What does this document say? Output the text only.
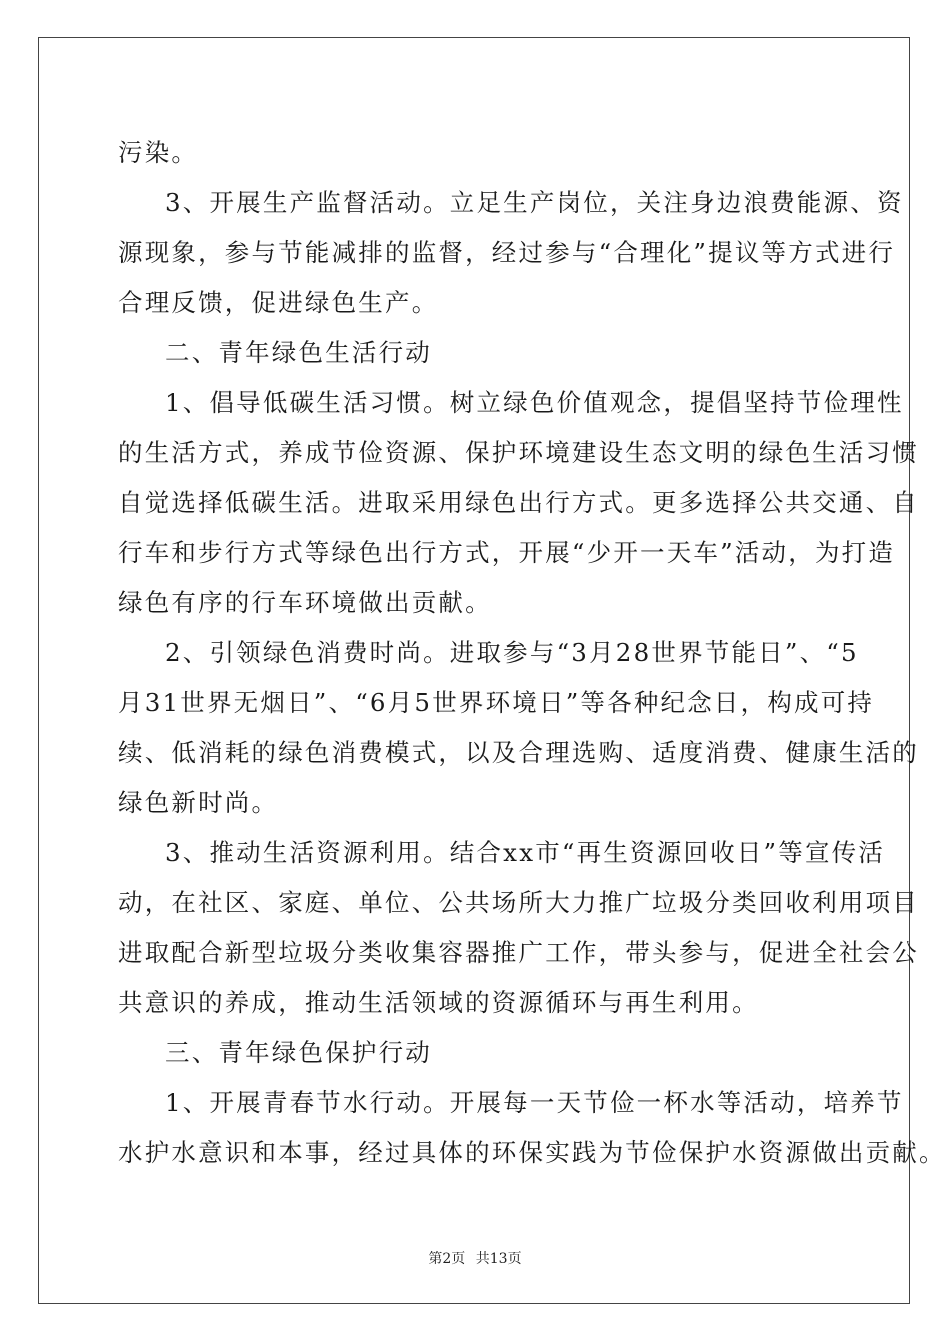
污染。
3、开展生产监督活动。立足生产岗位，关注身边浪费能源、资
源现象，参与节能减排的监督，经过参与“合理化”提议等方式进行
合理反馈，促进绿色生产。
二、青年绿色生活行动
1、倡导低碳生活习惯。树立绿色价值观念，提倡坚持节俭理性
的生活方式，养成节俭资源、保护环境建设生态文明的绿色生活习惯
自觉选择低碳生活。进取采用绿色出行方式。更多选择公共交通、自
行车和步行方式等绿色出行方式，开展“少开一天车”活动，为打造
绿色有序的行车环境做出贡献。
2、引领绿色消费时尚。进取参与“3月28世界节能日”、“5
月31世界无烟日”、“6月5世界环境日”等各种纪念日，构成可持
续、低消耗的绿色消费模式，以及合理选购、适度消费、健康生活的
绿色新时尚。
3、推动生活资源利用。结合xx市“再生资源回收日”等宣传活
动，在社区、家庭、单位、公共场所大力推广垃圾分类回收利用项目
进取配合新型垃圾分类收集容器推广工作，带头参与，促进全社会公
共意识的养成，推动生活领域的资源循环与再生利用。
三、青年绿色保护行动
1、开展青春节水行动。开展每一天节俭一杯水等活动，培养节
水护水意识和本事，经过具体的环保实践为节俭保护水资源做出贡献。
第2页 共13页
